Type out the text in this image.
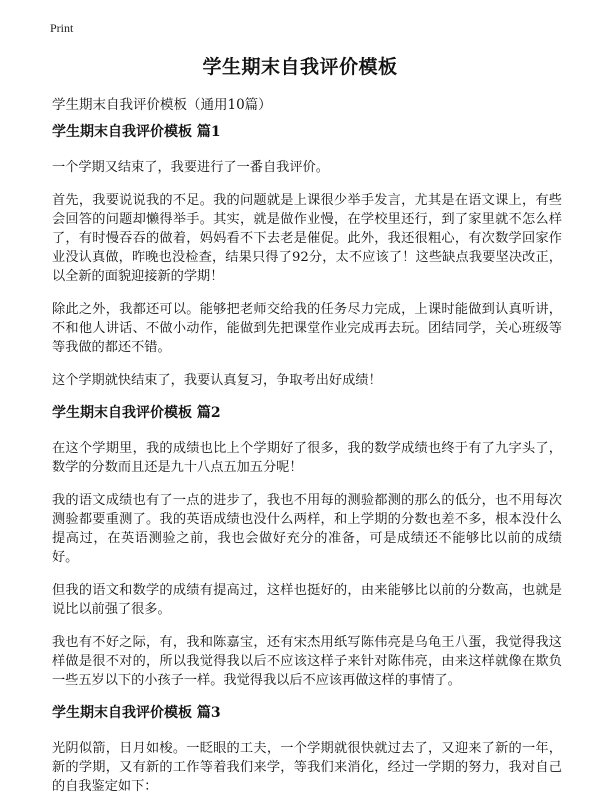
Print
学生期末自我评价模板
学生期末自我评价模板（通用10篇）
学生期末自我评价模板 篇1

一个学期又结束了，我要进行了一番自我评价。

首先，我要说说我的不足。我的问题就是上课很少举手发言，尤其是在语文课上，有些会回答的问题却懒得举手。其实，就是做作业慢，在学校里还行，到了家里就不怎么样了，有时慢吞吞的做着，妈妈看不下去老是催促。此外，我还很粗心，有次数学回家作业没认真做，昨晚也没检查，结果只得了92分，太不应该了！这些缺点我要坚决改正，以全新的面貌迎接新的学期！

除此之外，我都还可以。能够把老师交给我的任务尽力完成，上课时能做到认真听讲，不和他人讲话、不做小动作，能做到先把课堂作业完成再去玩。团结同学，关心班级等等我做的都还不错。

这个学期就快结束了，我要认真复习，争取考出好成绩！

学生期末自我评价模板 篇2

在这个学期里，我的成绩也比上个学期好了很多，我的数学成绩也终于有了九字头了，数学的分数而且还是九十八点五加五分呢！

我的语文成绩也有了一点的进步了，我也不用每的测验都测的那么的低分，也不用每次测验都要重测了。我的英语成绩也没什么两样，和上学期的分数也差不多，根本没什么提高过，在英语测验之前，我也会做好充分的准备，可是成绩还不能够比以前的成绩好。

但我的语文和数学的成绩有提高过，这样也挺好的，由来能够比以前的分数高，也就是说比以前强了很多。

我也有不好之际，有，我和陈嘉宝，还有宋杰用纸写陈伟亮是乌龟王八蛋，我觉得我这样做是很不对的，所以我觉得我以后不应该这样子来针对陈伟亮，由来这样就像在欺负一些五岁以下的小孩子一样。我觉得我以后不应该再做这样的事情了。

学生期末自我评价模板 篇3

光阴似箭，日月如梭。一眨眼的工夫，一个学期就很快就过去了，又迎来了新的一年，新的学期，又有新的工作等着我们来学，等我们来消化，经过一学期的努力，我对自己的自我鉴定如下：
